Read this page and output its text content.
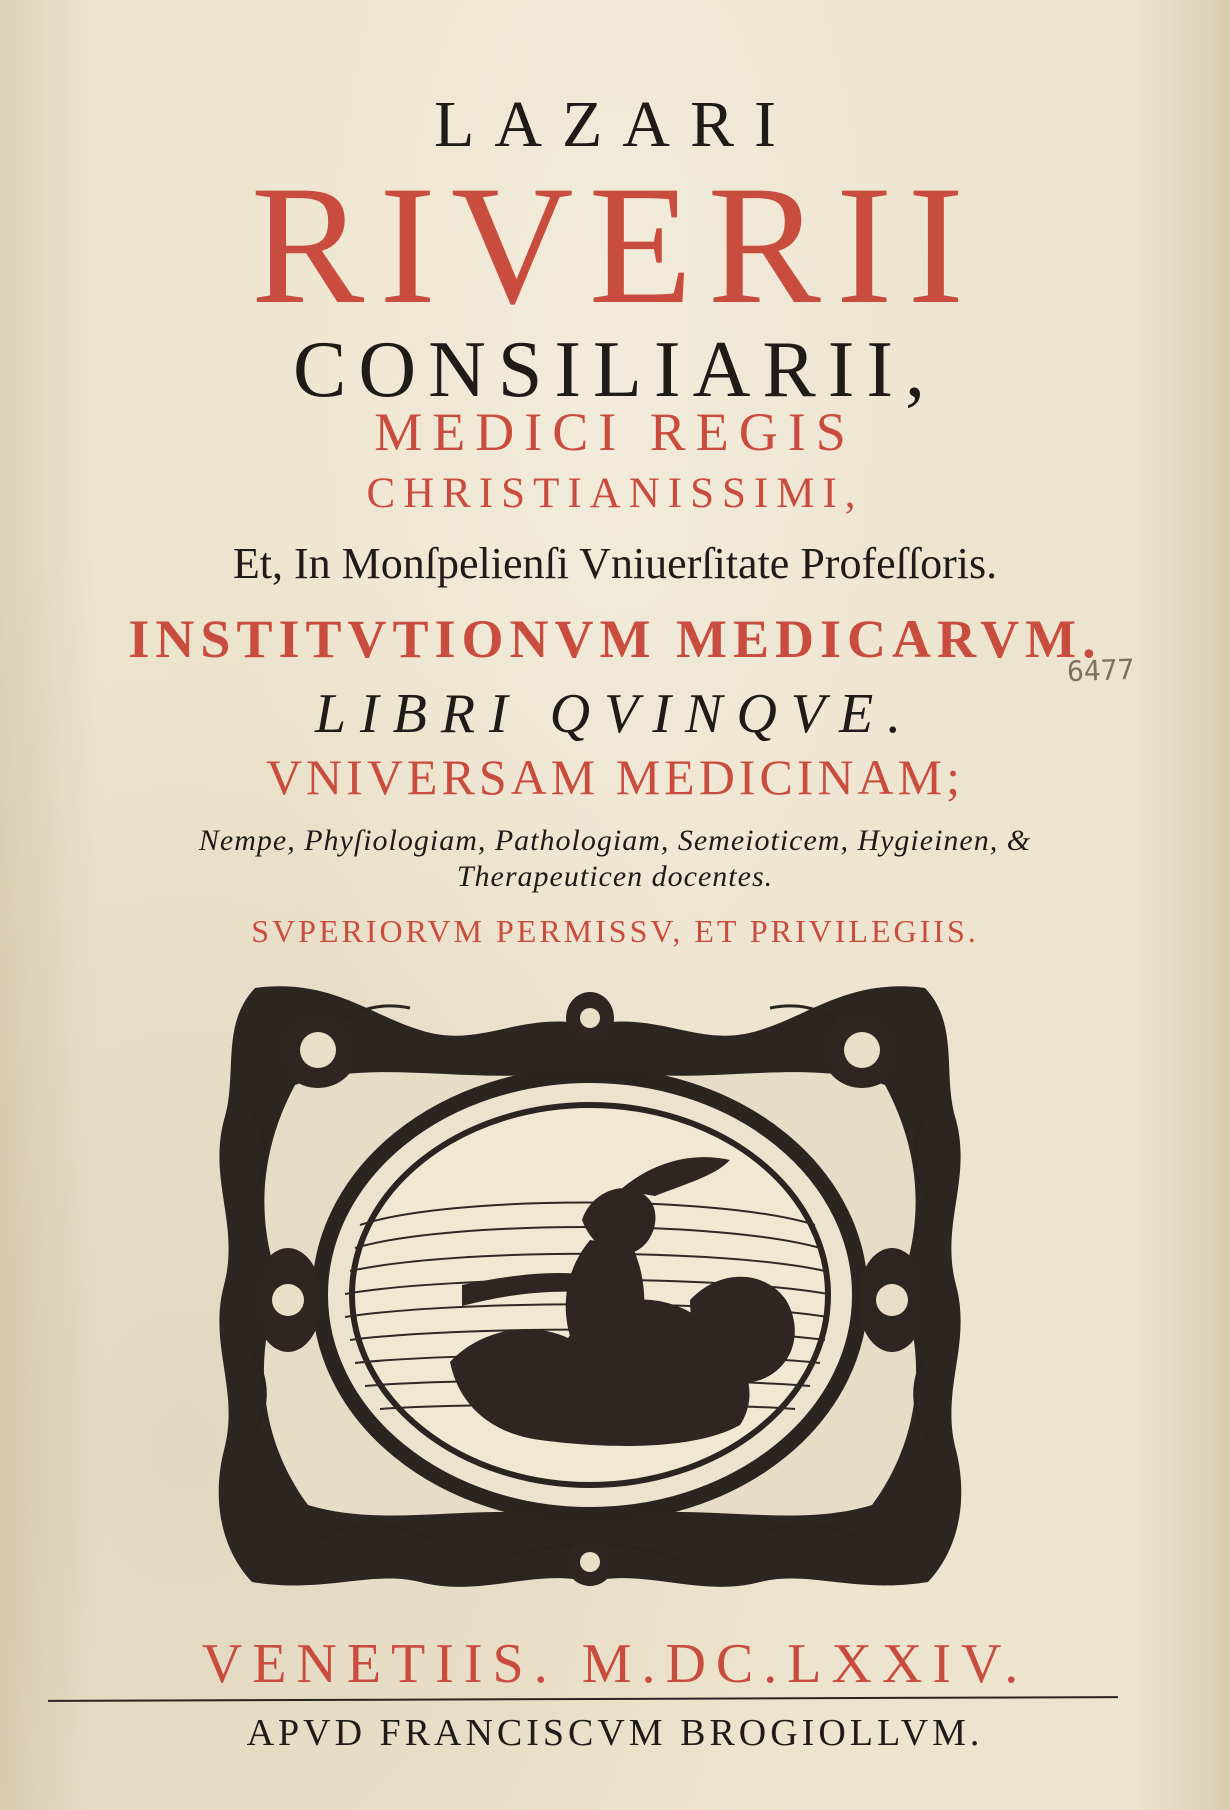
LAZARI
RIVERII
CONSILIARII,
MEDICI REGIS
CHRISTIANISSIMI,
Et, In Monſpelienſi Vniuerſitate Profeſſoris.
INSTITVTIONVM MEDICARVM.
LIBRI QVINQVE.
VNIVERSAM MEDICINAM;
Nempe, Phyſiologiam, Pathologiam, Semeioticem, Hygieinen, &
Therapeuticen docentes.
SVPERIORVM PERMISSV, ET PRIVILEGIIS.
6477
VENETIIS. M.DC.LXXIV.
APVD FRANCISCVM BROGIOLLVM.
